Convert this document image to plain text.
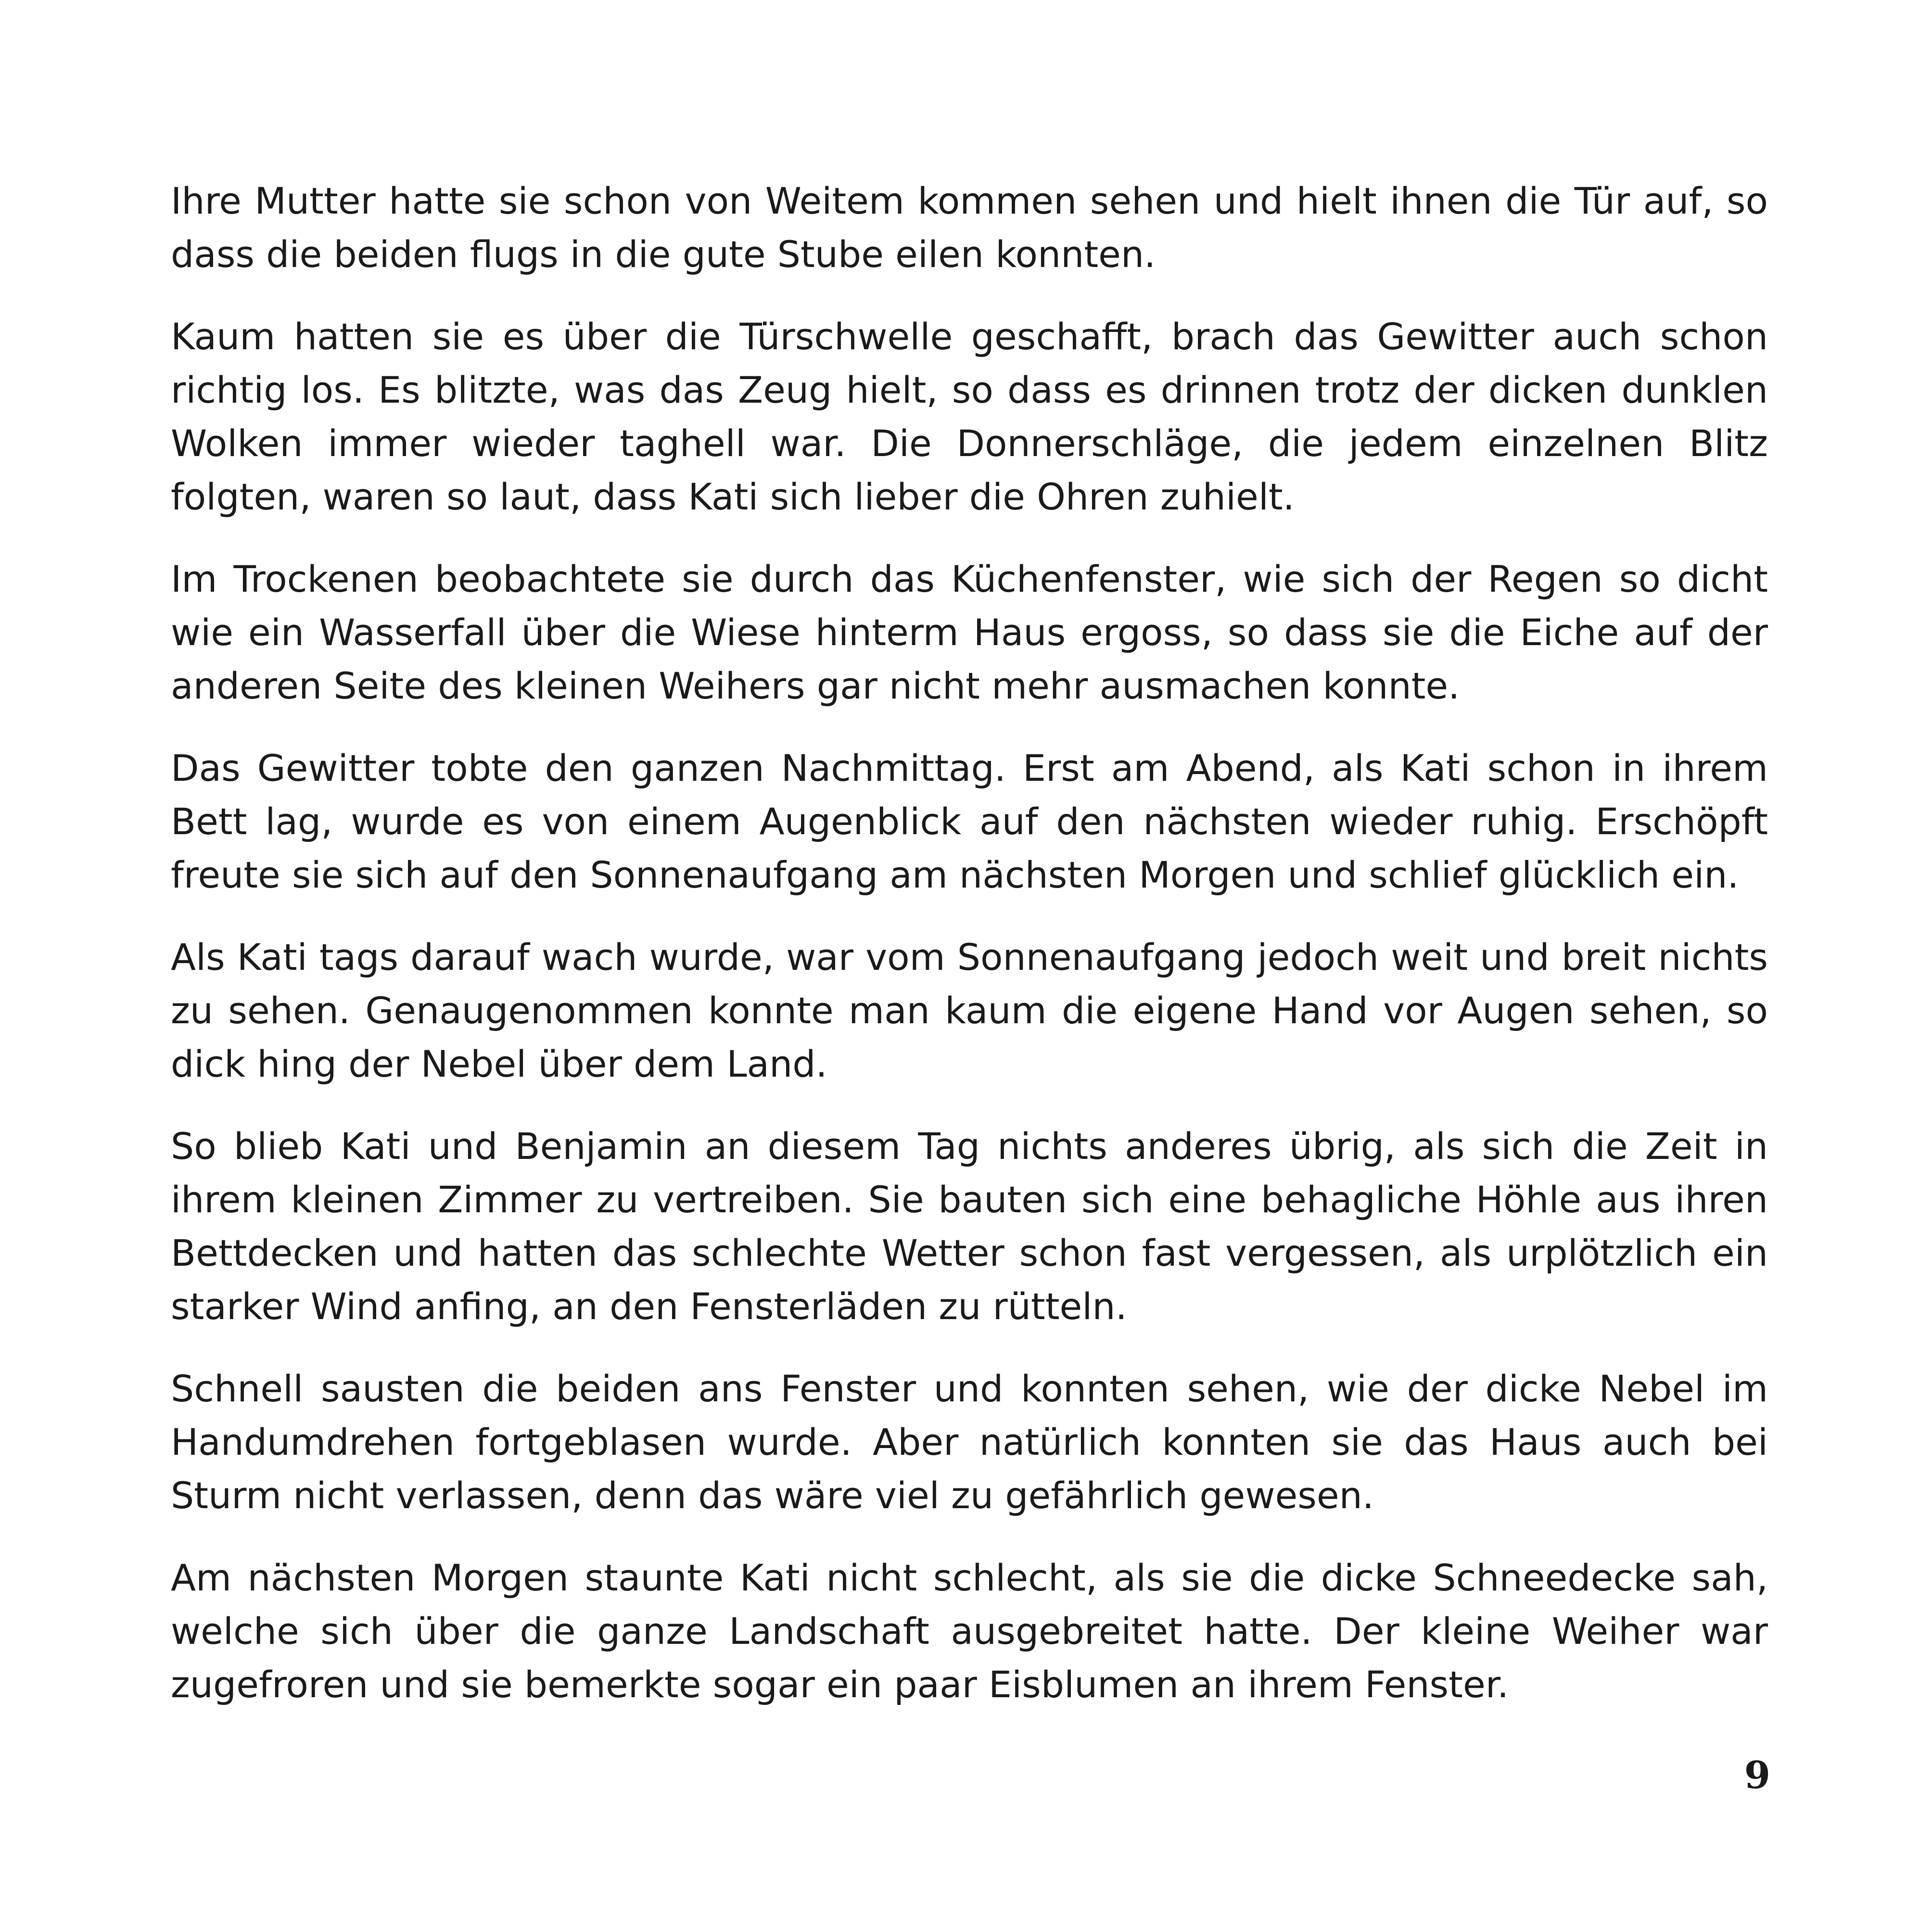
Ihre Mutter hatte sie schon von Weitem kommen sehen und hielt ihnen die Tür auf, so dass die beiden flugs in die gute Stube eilen konnten.

Kaum hatten sie es über die Türschwelle geschafft, brach das Gewitter auch schon richtig los. Es blitzte, was das Zeug hielt, so dass es drinnen trotz der dicken dunklen Wolken immer wieder taghell war. Die Donnerschläge, die jedem einzelnen Blitz folgten, waren so laut, dass Kati sich lieber die Ohren zuhielt.

Im Trockenen beobachtete sie durch das Küchenfenster, wie sich der Regen so dicht wie ein Wasserfall über die Wiese hinterm Haus ergoss, so dass sie die Eiche auf der anderen Seite des kleinen Weihers gar nicht mehr ausmachen konnte.

Das Gewitter tobte den ganzen Nachmittag. Erst am Abend, als Kati schon in ihrem Bett lag, wurde es von einem Augenblick auf den nächsten wieder ruhig. Erschöpft freute sie sich auf den Sonnenaufgang am nächsten Morgen und schlief glücklich ein.

Als Kati tags darauf wach wurde, war vom Sonnenaufgang jedoch weit und breit nichts zu sehen. Genaugenommen konnte man kaum die eigene Hand vor Augen sehen, so dick hing der Nebel über dem Land.

So blieb Kati und Benjamin an diesem Tag nichts anderes übrig, als sich die Zeit in ihrem kleinen Zimmer zu vertreiben. Sie bauten sich eine behagliche Höhle aus ihren Bettdecken und hatten das schlechte Wetter schon fast vergessen, als urplötzlich ein starker Wind anfing, an den Fensterläden zu rütteln.

Schnell sausten die beiden ans Fenster und konnten sehen, wie der dicke Nebel im Handumdrehen fortgeblasen wurde. Aber natürlich konnten sie das Haus auch bei Sturm nicht verlassen, denn das wäre viel zu gefährlich gewesen.

Am nächsten Morgen staunte Kati nicht schlecht, als sie die dicke Schneedecke sah, welche sich über die ganze Landschaft ausgebreitet hatte. Der kleine Weiher war zugefroren und sie bemerkte sogar ein paar Eisblumen an ihrem Fenster.

9
